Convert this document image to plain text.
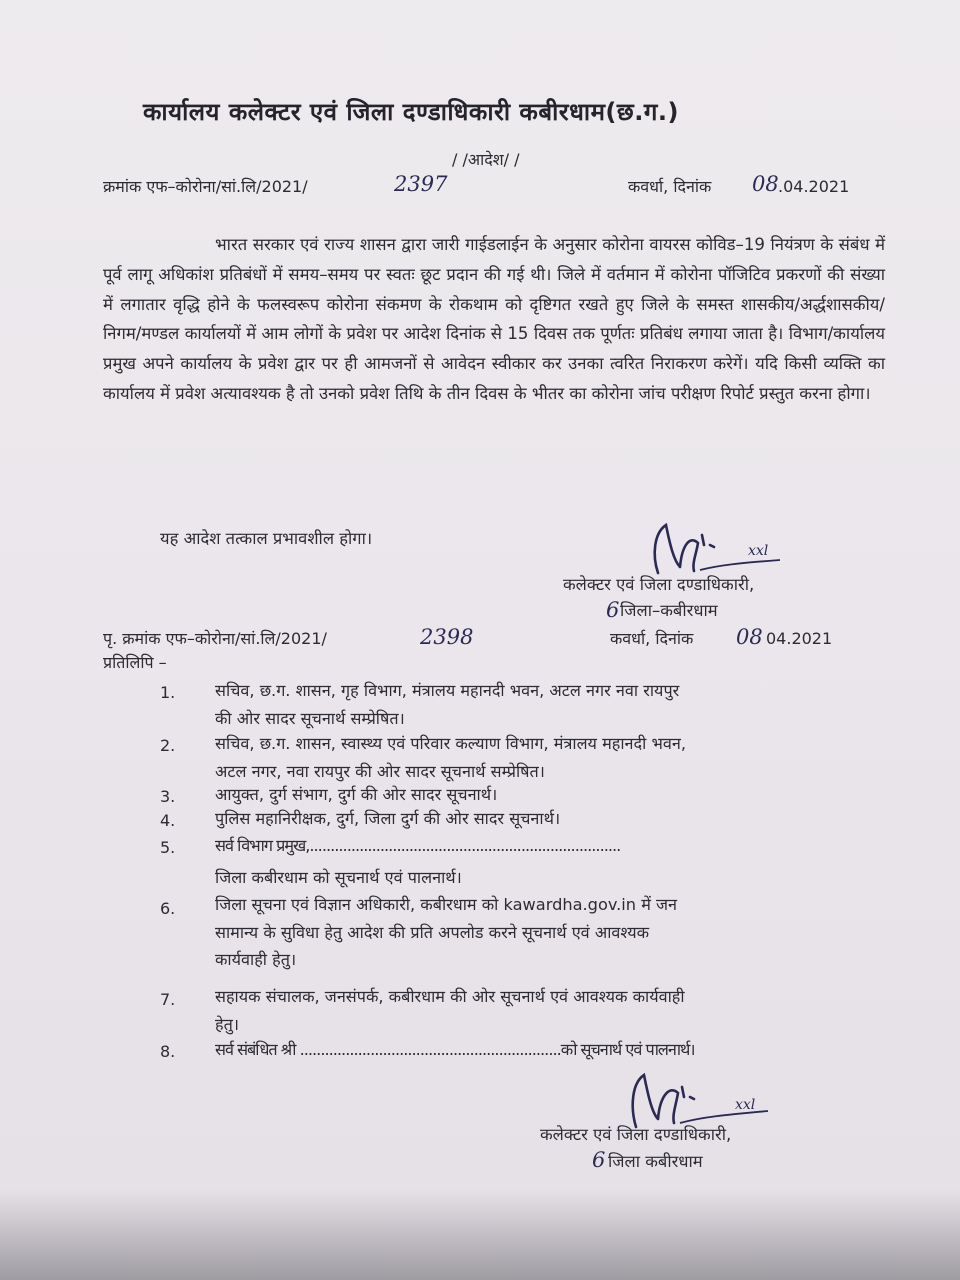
कार्यालय कलेक्टर एवं जिला दण्डाधिकारी कबीरधाम(छ.ग.)
/ /आदेश/ /
क्रमांक एफ–कोरोना/सां.लि/2021/	2397	कवर्धा, दिनांक 08 .04.2021
भारत सरकार एवं राज्य शासन द्वारा जारी गाईडलाईन के अनुसार कोरोना वायरस कोविड–19 नियंत्रण के संबंध में पूर्व लागू अधिकांश प्रतिबंधों में समय–समय पर स्वतः छूट प्रदान की गई थी। जिले में वर्तमान में कोरोना पॉजिटिव प्रकरणों की संख्या में लगातार वृद्धि होने के फलस्वरूप कोरोना संकमण के रोकथाम को दृष्टिगत रखते हुए जिले के समस्त शासकीय/अर्द्धशासकीय/निगम/मण्डल कार्यालयों में आम लोगों के प्रवेश पर आदेश दिनांक से 15 दिवस तक पूर्णतः प्रतिबंध लगाया जाता है। विभाग/कार्यालय प्रमुख अपने कार्यालय के प्रवेश द्वार पर ही आमजनों से आवेदन स्वीकार कर उनका त्वरित निराकरण करेगें। यदि किसी व्यक्ति का कार्यालय में प्रवेश अत्यावश्यक है तो उनको प्रवेश तिथि के तीन दिवस के भीतर का कोरोना जांच परीक्षण रिपोर्ट प्रस्तुत करना होगा।
यह आदेश तत्काल प्रभावशील होगा।
xxl
कलेक्टर एवं जिला दण्डाधिकारी,
6 जिला–कबीरधाम
पृ. क्रमांक एफ–कोरोना/सां.लि/2021/	2398	कवर्धा, दिनांक 08 04.2021
प्रतिलिपि –
1. सचिव, छ.ग. शासन, गृह विभाग, मंत्रालय महानदी भवन, अटल नगर नवा रायपुर
की ओर सादर सूचनार्थ सम्प्रेषित।
2. सचिव, छ.ग. शासन, स्वास्थ्य एवं परिवार कल्याण विभाग, मंत्रालय महानदी भवन,
अटल नगर, नवा रायपुर की ओर सादर सूचनार्थ सम्प्रेषित।
3. आयुक्त, दुर्ग संभाग, दुर्ग की ओर सादर सूचनार्थ।
4. पुलिस महानिरीक्षक, दुर्ग, जिला दुर्ग की ओर सादर सूचनार्थ।
5. सर्व विभाग प्रमुख,...........................................................................
जिला कबीरधाम को सूचनार्थ एवं पालनार्थ।
6. जिला सूचना एवं विज्ञान अधिकारी, कबीरधाम को kawardha.gov.in में जन
सामान्य के सुविधा हेतु आदेश की प्रति अपलोड करने सूचनार्थ एवं आवश्यक
कार्यवाही हेतु।
7. सहायक संचालक, जनसंपर्क, कबीरधाम की ओर सूचनार्थ एवं आवश्यक कार्यवाही
हेतु।
8. सर्व संबंधित श्री ...............................................................को सूचनार्थ एवं पालनार्थ।
xxl
कलेक्टर एवं जिला दण्डाधिकारी,
6 जिला कबीरधाम
